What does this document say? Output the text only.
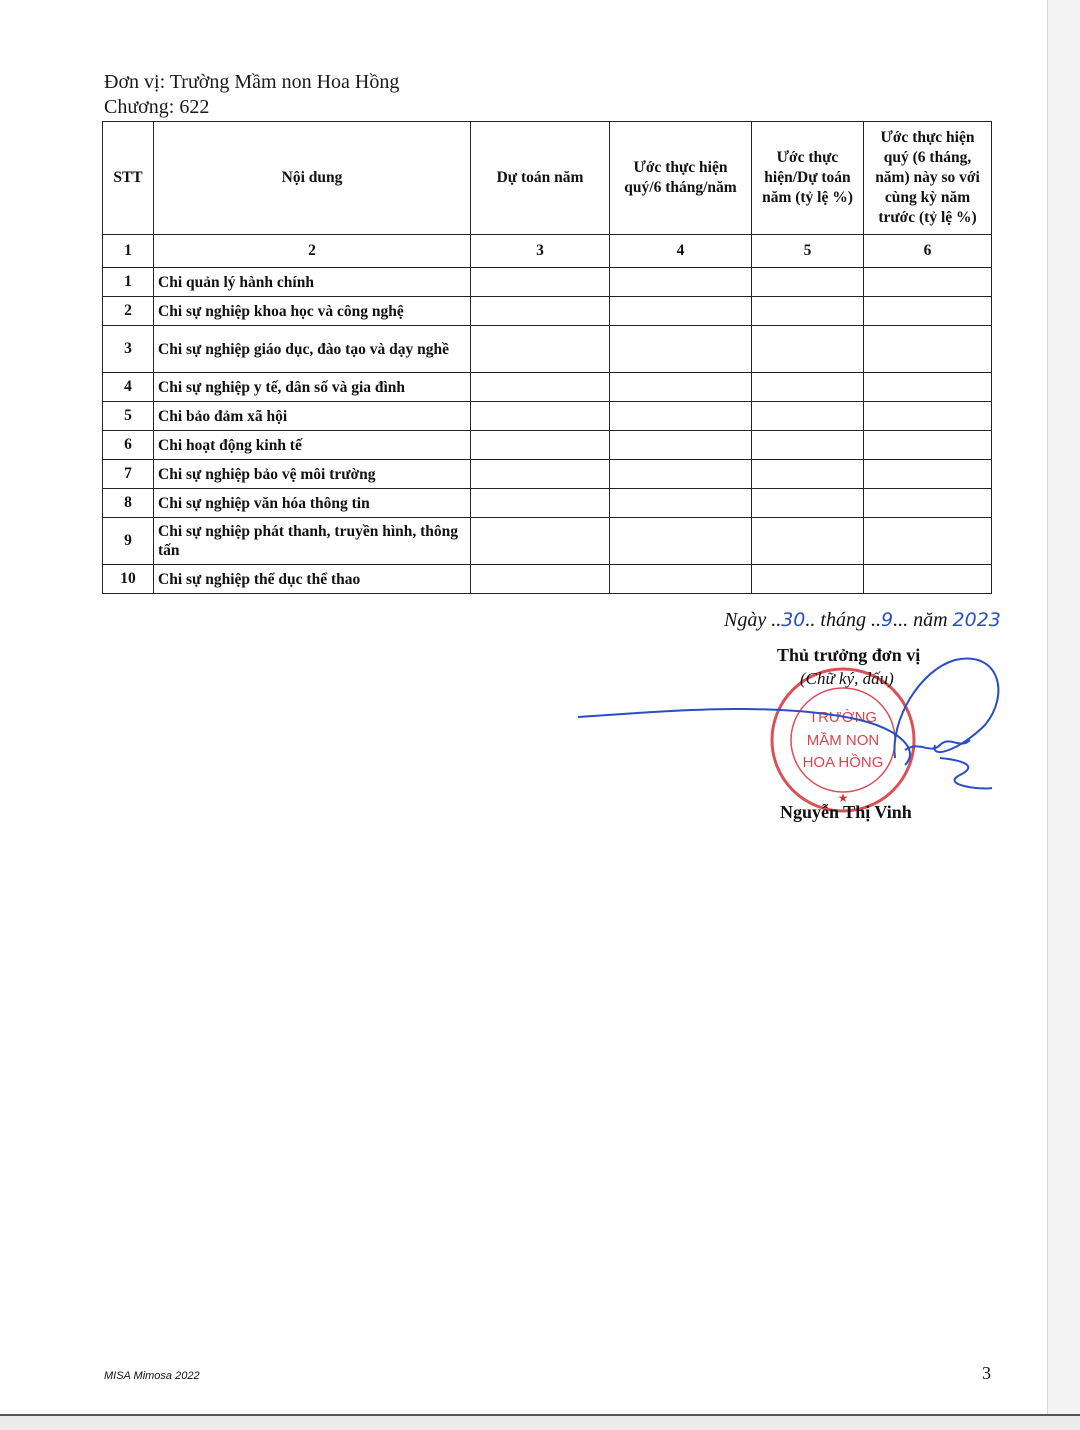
Đơn vị: Trường Mầm non Hoa Hồng
Chương: 622
STT	Nội dung	Dự toán năm	Ước thực hiện quý/6 tháng/năm	Ước thực hiện/Dự toán năm (tỷ lệ %)	Ước thực hiện quý (6 tháng, năm) này so với cùng kỳ năm trước (tỷ lệ %)
1	2	3	4	5	6
1	Chi quản lý hành chính				
2	Chi sự nghiệp khoa học và công nghệ				
3	Chi sự nghiệp giáo dục, đào tạo và dạy nghề				
4	Chi sự nghiệp y tế, dân số và gia đình				
5	Chi bảo đảm xã hội				
6	Chi hoạt động kinh tế				
7	Chi sự nghiệp bảo vệ môi trường				
8	Chi sự nghiệp văn hóa thông tin				
9	Chi sự nghiệp phát thanh, truyền hình, thông tấn				
10	Chi sự nghiệp thể dục thể thao				
Ngày ..30.. tháng ..9... năm 2023
TRƯỜNG
MẦM NON
HOA HỒNG
★
Thủ trưởng đơn vị
(Chữ ký, dấu)
Nguyễn Thị Vinh
MISA Mimosa 2022	3
